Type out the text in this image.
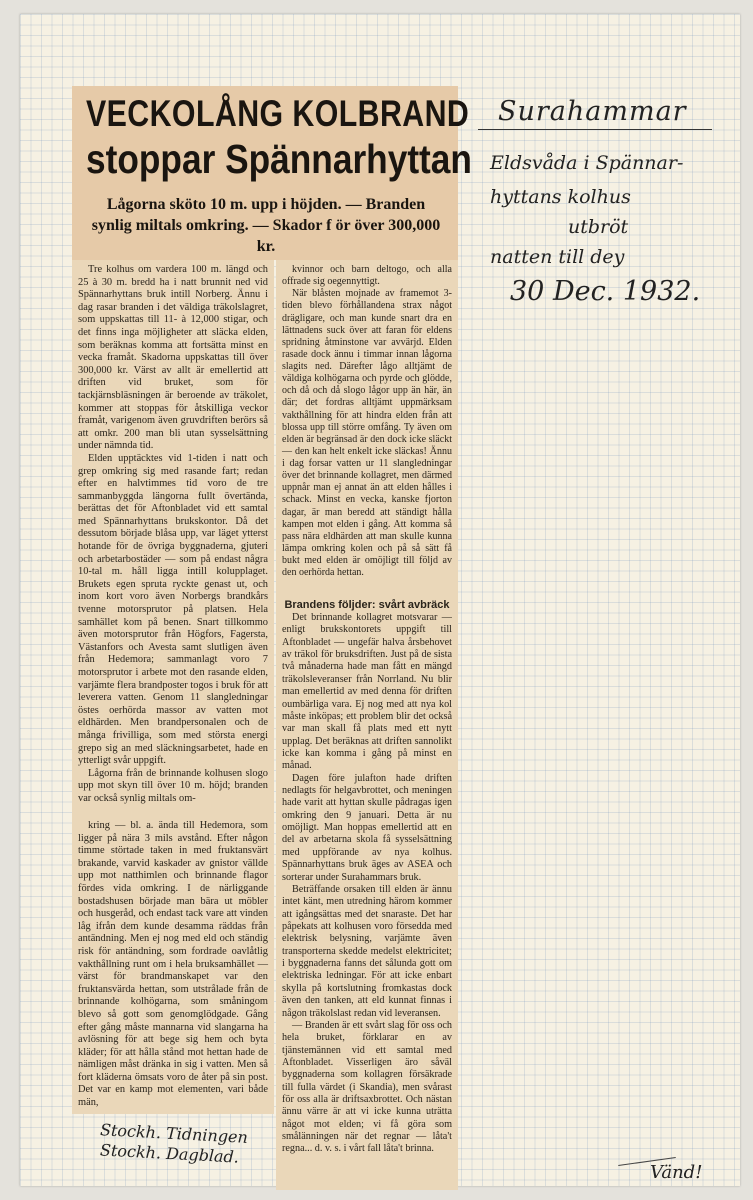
VECKOLÅNG KOLBRAND
stoppar Spännarhyttan
Lågorna sköto 10 m. upp i höjden. — Branden synlig miltals omkring. — Skador f ör över 300,000 kr.

Tre kolhus om vardera 100 m. längd och 25 à 30 m. bredd ha i natt brunnit ned vid Spännarhyttans bruk intill Norberg. Ännu i dag rasar branden i det väldiga träkolslagret, som uppskattas till 11- à 12,000 stigar, och det finns inga möjligheter att släcka elden, som beräknas komma att fortsätta minst en vecka framåt. Skadorna uppskattas till över 300,000 kr. Värst av allt är emellertid att driften vid bruket, som för tackjärnsbläsningen är beroende av träkolet, kommer att stoppas för åtskilliga veckor framåt, varigenom även gruvdriften berörs så att omkr. 200 man bli utan sysselsättning under nämnda tid.

Elden upptäcktes vid 1-tiden i natt och grep omkring sig med rasande fart; redan efter en halvtimmes tid voro de tre sammanbyggda längorna fullt övertända, berättas det för Aftonbladet vid ett samtal med Spännarhyttans brukskontor. Då det dessutom började blåsa upp, var läget ytterst hotande för de övriga byggnaderna, gjuteri och arbetarbostäder — som på endast några 10-tal m. håll ligga intill kolupplaget. Brukets egen spruta ryckte genast ut, och inom kort voro även Norbergs brandkårs tvenne motorsprutor på platsen. Hela samhället kom på benen. Snart tillkommo även motorsprutor från Högfors, Fagersta, Västanfors och Avesta samt slutligen även från Hedemora; sammanlagt voro 7 motorsprutor i arbete mot den rasande elden, varjämte flera brandposter togos i bruk för att leverera vatten. Genom 11 slangledningar östes oerhörda massor av vatten mot eldhärden. Men brandpersonalen och de många frivilliga, som med största energi grepo sig an med släckningsarbetet, hade en ytterligt svår uppgift.

Lågorna från de brinnande kolhusen slogo upp mot skyn till över 10 m. höjd; branden var också synlig miltals om-

kvinnor och barn deltogo, och alla offrade sig oegennyttigt.

När blåsten mojnade av framemot 3-tiden blevo förhållandena strax något drägligare, och man kunde snart dra en lättnadens suck över att faran för eldens spridning åtminstone var avvärjd. Elden rasade dock ännu i timmar innan lågorna slagits ned. Därefter lågo alltjämt de väldiga kolhögarna och pyrde och glödde, och då och då slogo lågor upp än här, än där; det fordras alltjämt uppmärksam vakthållning för att hindra elden från att blossa upp till större omfång. Ty även om elden är begränsad är den dock icke släckt — den kan helt enkelt icke släckas! Ännu i dag forsar vatten ur 11 slangledningar över det brinnande kollagret, men därmed uppnår man ej annat än att elden hålles i schack. Minst en vecka, kanske fjorton dagar, är man beredd att ständigt hålla kampen mot elden i gång. Att komma så pass nära eldhärden att man skulle kunna lämpa omkring kolen och på så sätt få bukt med elden är omöjligt till följd av den oerhörda hettan.

Brandens följder: svårt avbräck

Det brinnande kollagret motsvarar — enligt brukskontorets uppgift till Aftonbladet — ungefär halva årsbehovet av träkol för bruksdriften. Just på de sista två månaderna hade man fått en mängd träkolsleveranser från Norrland. Nu blir man emellertid av med denna för driften oumbärliga vara. Ej nog med att nya kol måste inköpas; ett problem blir det också var man skall få plats med ett nytt upplag. Det beräknas att driften sannolikt icke kan komma i gång på minst en månad.

Dagen före julafton hade driften nedlagts för helgavbrottet, och meningen hade varit att hyttan skulle pådragas igen omkring den 9 januari. Detta är nu omöjligt. Man hoppas emellertid att en del av arbetarna skola få sysselsättning med uppförande av nya kolhus. Spännarhyttans bruk äges av ASEA och sorterar under Surahammars bruk.

Beträffande orsaken till elden är ännu intet känt, men utredning härom kommer att igångsättas med det snaraste. Det har påpekats att kolhusen voro försedda med elektrisk belysning, varjämte även transporterna skedde medelst elektricitet; i byggnaderna fanns det sålunda gott om elektriska ledningar. För att icke enbart skylla på kortslutning fromkastas dock även den tanken, att eld kunnat finnas i någon träkolslast redan vid leveransen.

— Branden är ett svårt slag för oss och hela bruket, förklarar en av tjänstemännen vid ett samtal med Aftonbladet. Visserligen äro såväl byggnaderna som kollagren försäkrade till fulla värdet (i Skandia), men svårast för oss alla är driftsaxbrottet. Och nästan ännu värre är att vi icke kunna uträtta något mot elden; vi få göra som smålänningen när det regnar — låta't regna... d. v. s. i vårt fall låta't brinna.

kring — bl. a. ända till Hedemora, som ligger på nära 3 mils avstånd. Efter någon timme störtade taken in med fruktansvärt brakande, varvid kaskader av gnistor vällde upp mot natthimlen och brinnande flagor fördes vida omkring. I de närliggande bostadshusen började man bära ut möbler och husgeråd, och endast tack vare att vinden låg ifrån dem kunde desamma räddas från antändning. Men ej nog med eld och ständig risk för antändning, som fordrade oavlåtlig vakthållning runt om i hela bruksamhället — värst för brandmanskapet var den fruktansvärda hettan, som utstrålade från de brinnande kolhögarna, som småningom blevo så gott som genomglödgade. Gång efter gång måste mannarna vid slangarna ha avlösning för att bege sig hem och byta kläder; för att hålla stånd mot hettan hade de nämligen måst dränka in sig i vatten. Men så fort kläderna ömsats voro de åter på sin post. Det var en kamp mot elementen, vari både män,

Surahammar
Eldsvåda i Spännar-
hyttans kolhus
utbröt
natten till dey
30 Dec. 1932.
Stockh. Tidningen
Stockh. Dagblad.
Vänd!
